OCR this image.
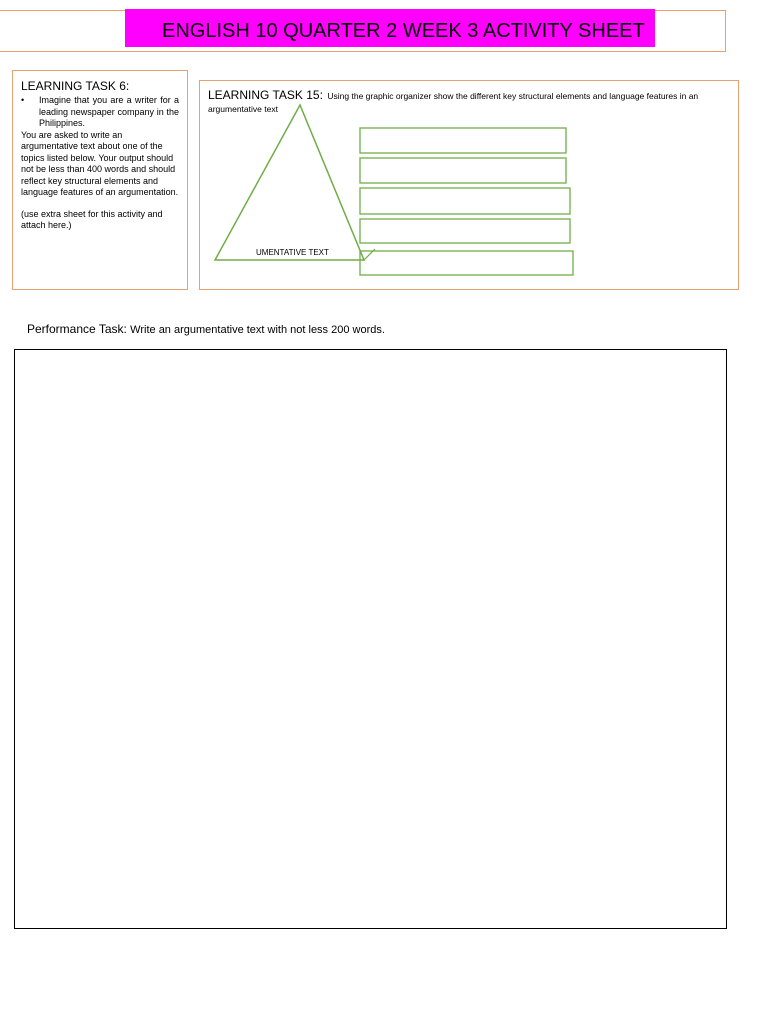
ENGLISH 10 QUARTER 2 WEEK 3 ACTIVITY SHEET
LEARNING TASK 6:
•	Imagine that you are a writer for a leading newspaper company in the Philippines.
You are asked to write an argumentative text about one of the topics listed below. Your output should not be less than 400 words and should reflect key structural elements and language features of an argumentation.
(use extra sheet for this activity and attach here.)
LEARNING TASK 15: Using the graphic organizer show the different key structural elements and language features in an argumentative text
UMENTATIVE TEXT
Performance Task: Write an argumentative text with not less 200 words.
